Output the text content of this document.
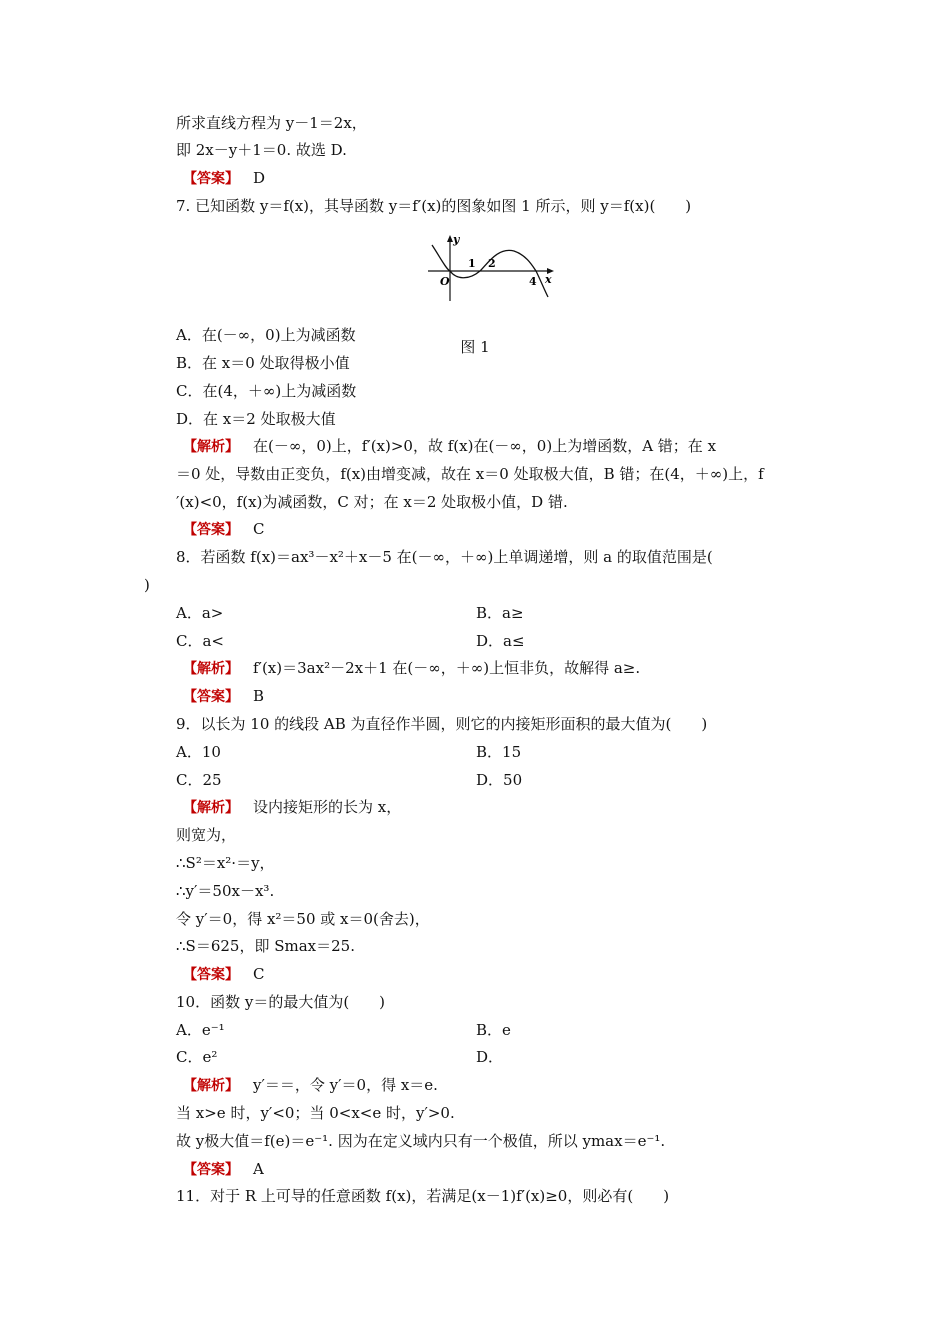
所求直线方程为 y－1＝2x，
即 2x－y＋1＝0. 故选 D.
【答案】 D
7. 已知函数 y＝f(x)，其导函数 y＝f′(x)的图象如图 1 所示，则 y＝f(x)(　　)
A．在(－∞，0)上为减函数
B．在 x＝0 处取得极小值
C．在(4，＋∞)上为减函数
D．在 x＝2 处取极大值
【解析】 在(－∞，0)上，f′(x)>0，故 f(x)在(－∞，0)上为增函数，A 错；在 x
＝0 处，导数由正变负，f(x)由增变减，故在 x＝0 处取极大值，B 错；在(4，＋∞)上，f
′(x)<0，f(x)为减函数，C 对；在 x＝2 处取极小值，D 错.
【答案】 C
8．若函数 f(x)＝ax³－x²＋x－5 在(－∞，＋∞)上单调递增，则 a 的取值范围是(
)
A．a>	B．a≥
C．a<	D．a≤
【解析】 f′(x)＝3ax²－2x＋1 在(－∞，＋∞)上恒非负，故解得 a≥.
【答案】 B
9．以长为 10 的线段 AB 为直径作半圆，则它的内接矩形面积的最大值为(　　)
A．10	B．15
C．25	D．50
【解析】 设内接矩形的长为 x，
则宽为，
∴S²＝x²·＝y，
∴y′＝50x－x³.
令 y′＝0，得 x²＝50 或 x＝0(舍去)，
∴S＝625，即 Smax＝25.
【答案】 C
10．函数 y＝的最大值为(　　)
A．e⁻¹	B．e
C．e²	D．
【解析】 y′＝＝，令 y′＝0，得 x＝e.
当 x>e 时，y′<0；当 0<x<e 时，y′>0.
故 y极大值＝f(e)＝e⁻¹. 因为在定义域内只有一个极值，所以 ymax＝e⁻¹.
【答案】 A
11．对于 R 上可导的任意函数 f(x)，若满足(x－1)f′(x)≥0，则必有(　　)
y
O
1 2
4 x
图 1
